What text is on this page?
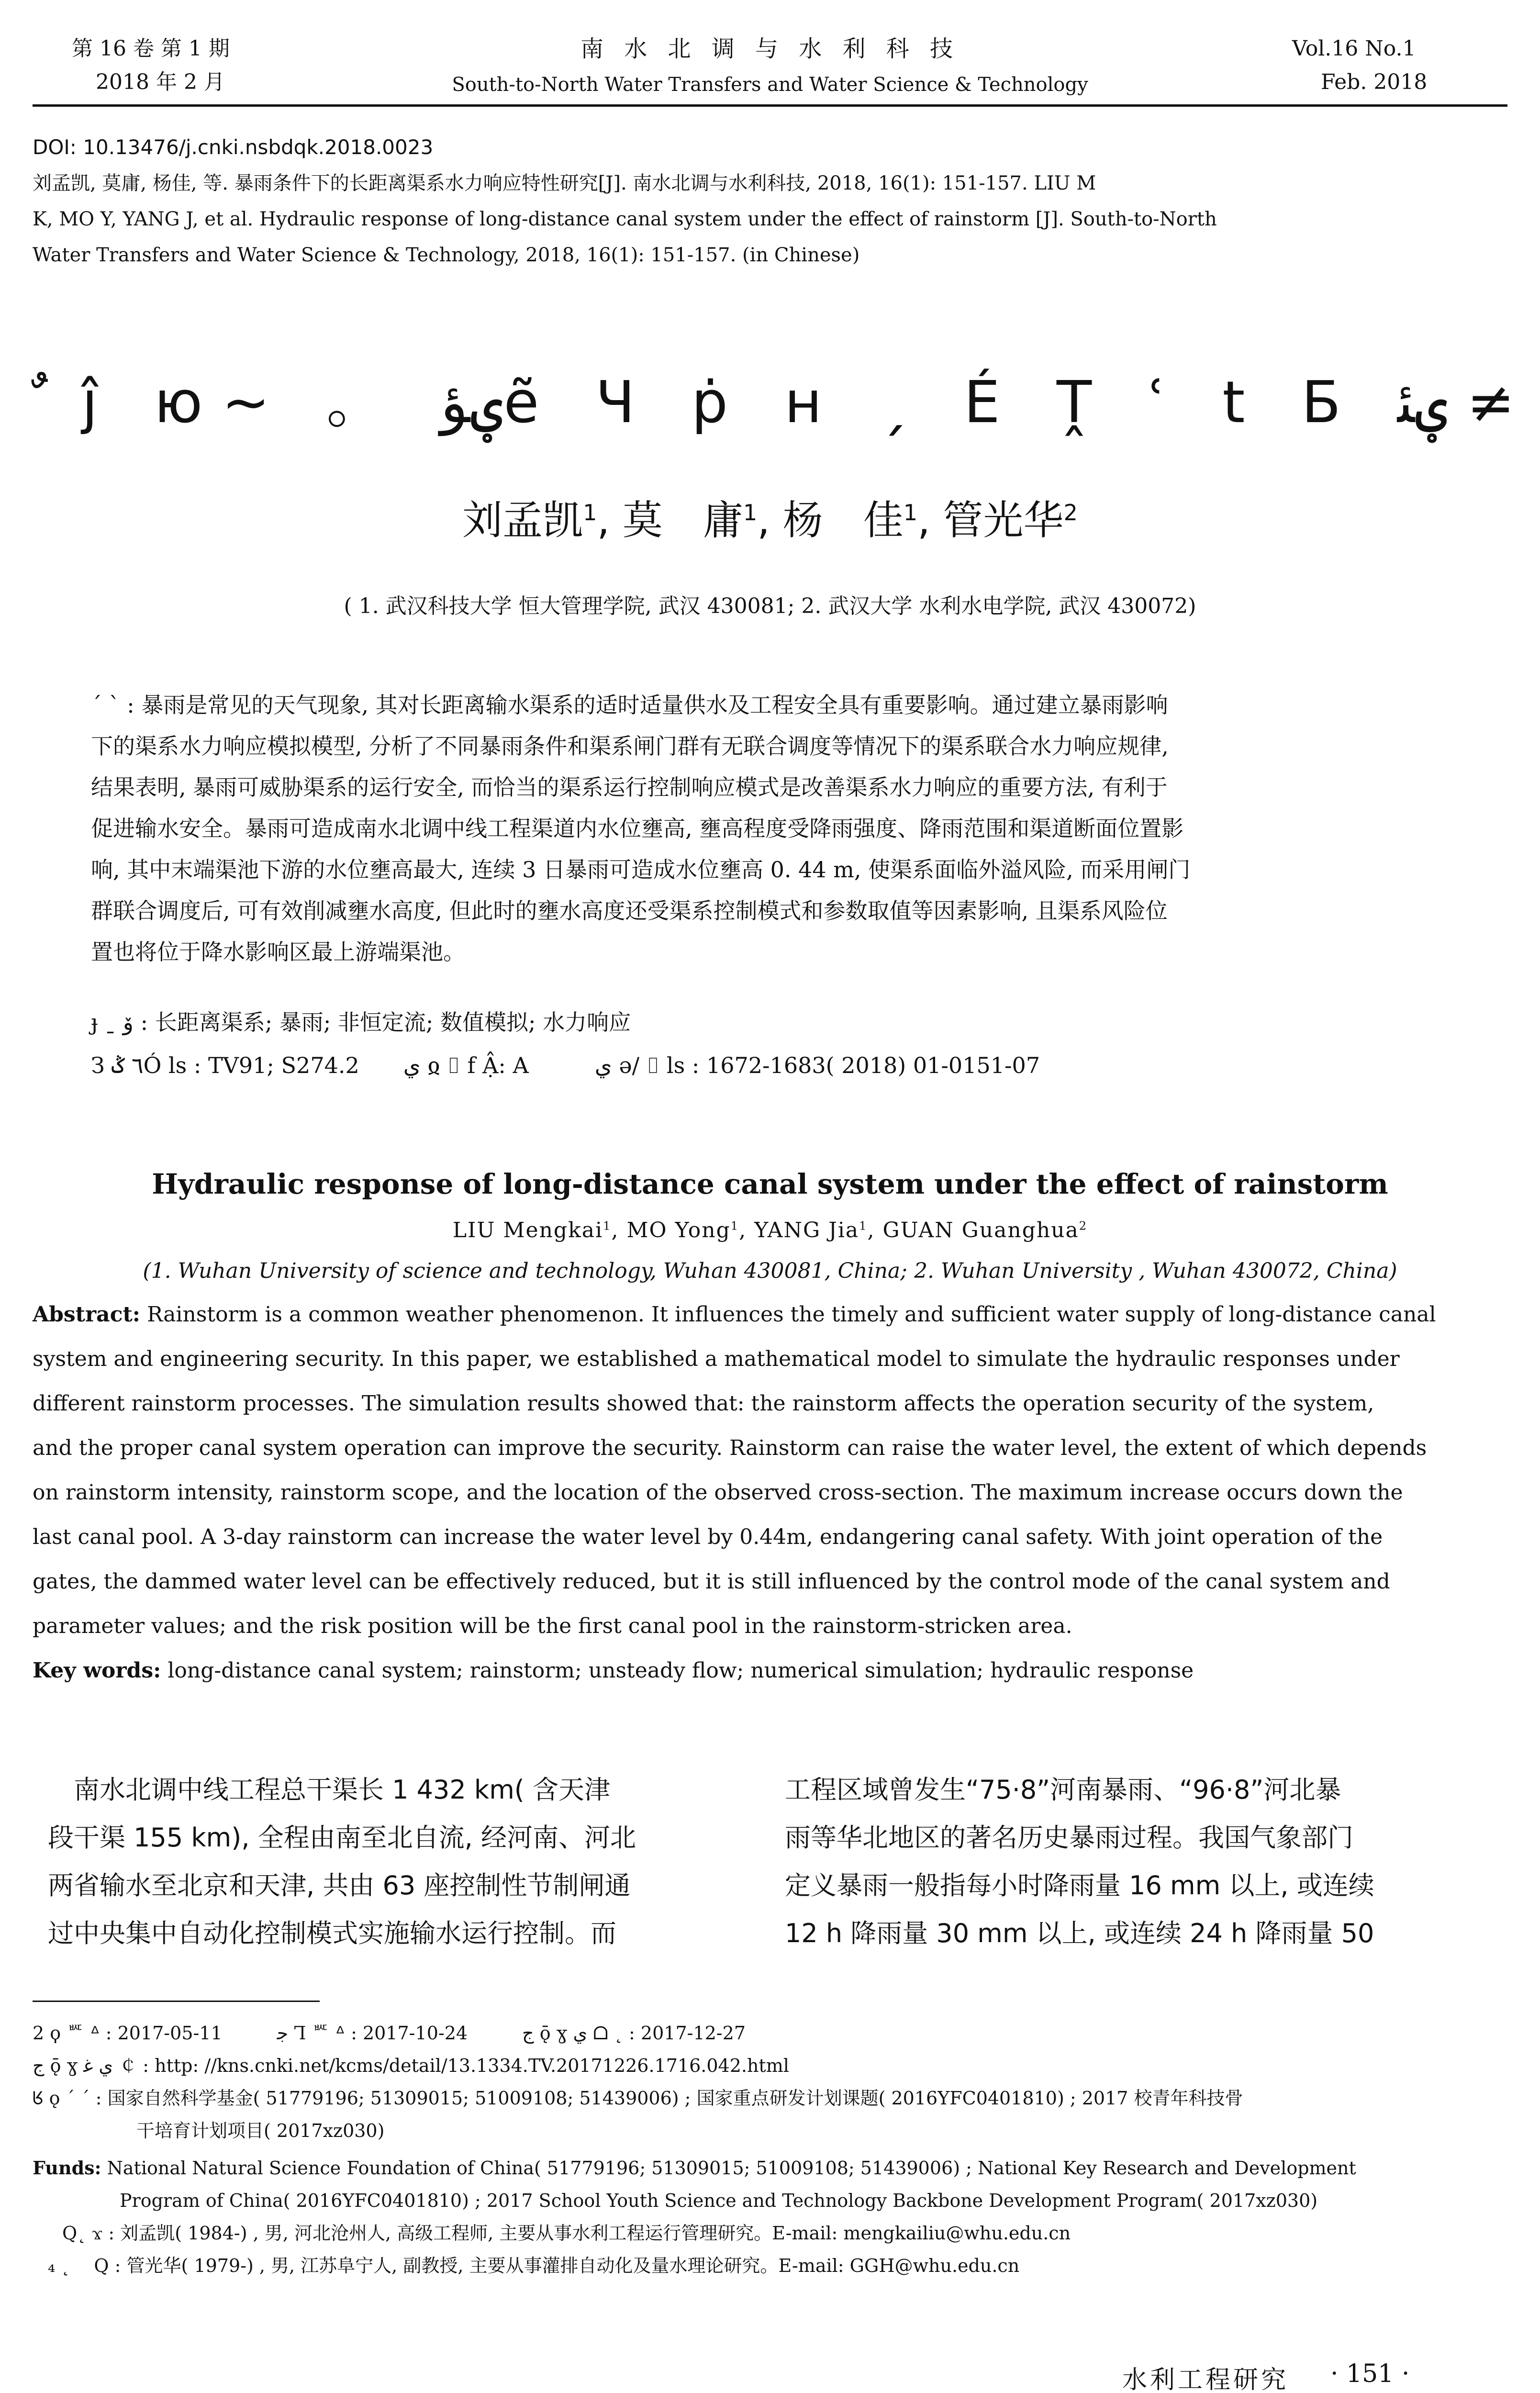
第 16 卷 第 1 期
2018 年 2 月
南 水 北 调 与 水 利 科 技
South-to-North Water Transfers and Water Science & Technology
Vol.16 No.1
Feb. 2018
DOI: 10.13476/j.cnki.nsbdqk.2018.0023
刘孟凯, 莫庸, 杨佳, 等. 暴雨条件下的长距离渠系水力响应特性研究[J]. 南水北调与水利科技, 2018, 16(1): 151-157. LIU M
K, MO Y, YANG J, et al. Hydraulic response of long-distance canal system under the effect of rainstorm [J]. South-to-North
Water Transfers and Water Science & Technology, 2018, 16(1): 151-157. (in Chinese)
ٌ ĵ ю~ 。 ؠﺆẽ Ч ṗ н ˏ É Ṱ ʿ t Б ؠﺌ ≠
刘孟凯$^1$, 莫　庸$^1$, 杨　佳$^1$, 管光华$^2$
( 1. 武汉科技大学 恒大管理学院, 武汉 430081; 2. 武汉大学 水利水电学院, 武汉 430072)

ˊ ˋ : 暴雨是常见的天气现象, 其对长距离输水渠系的适时适量供水及工程安全具有重要影响。通过建立暴雨影响

下的渠系水力响应模拟模型, 分析了不同暴雨条件和渠系闸门群有无联合调度等情况下的渠系联合水力响应规律,

结果表明, 暴雨可威胁渠系的运行安全, 而恰当的渠系运行控制响应模式是改善渠系水力响应的重要方法, 有利于

促进输水安全。暴雨可造成南水北调中线工程渠道内水位壅高, 壅高程度受降雨强度、降雨范围和渠道断面位置影

响, 其中末端渠池下游的水位壅高最大, 连续 3 日暴雨可造成水位壅高 0. 44 m, 使渠系面临外溢风险, 而采用闸门

群联合调度后, 可有效削减壅水高度, 但此时的壅水高度还受渠系控制模式和参数取值等因素影响, 且渠系风险位

置也将位于降水影响区最上游端渠池。

ɟ ˍ ۆ : 长距离渠系; 暴雨; 非恒定流; 数值模拟; 水力响应
З ٦ ݣÓ ls : TV91; S274.2　　ي ჲ ⌷ f Ậ: A　　　ي ǝ/ ⌷ ls : 1672-1683( 2018) 01-0151-07
Hydraulic response of long-distance canal system under the effect of rainstorm
LIU Mengkai$^1$, MO Yong$^1$, YANG Jia$^1$, GUAN Guanghua$^2$
(1. Wuhan University of science and technology, Wuhan 430081, China; 2. Wuhan University , Wuhan 430072, China)

Abstract: Rainstorm is a common weather phenomenon. It influences the timely and sufficient water supply of long-distance canal

system and engineering security. In this paper, we established a mathematical model to simulate the hydraulic responses under

different rainstorm processes. The simulation results showed that: the rainstorm affects the operation security of the system,

and the proper canal system operation can improve the security. Rainstorm can raise the water level, the extent of which depends

on rainstorm intensity, rainstorm scope, and the location of the observed cross-section. The maximum increase occurs down the

last canal pool. A 3-day rainstorm can increase the water level by 0.44m, endangering canal safety. With joint operation of the

gates, the dammed water level can be effectively reduced, but it is still influenced by the control mode of the canal system and

parameter values; and the risk position will be the first canal pool in the rainstorm-stricken area.

Key words: long-distance canal system; rainstorm; unsteady flow; numerical simulation; hydraulic response

　南水北调中线工程总干渠长 1 432 km( 含天津

段干渠 155 km), 全程由南至北自流, 经河南、河北

两省输水至北京和天津, 共由 63 座控制性节制闸通

过中央集中自动化控制模式实施输水运行控制。而

工程区域曾发生“75·8”河南暴雨、“96·8”河北暴

雨等华北地区的著名历史暴雨过程。我国气象部门

定义暴雨一般指每小时降雨量 16 mm 以上, 或连续

12 h 降雨量 30 mm 以上, 或连续 24 h 降雨量 50

2 ϙ ᄣ ᐞ : 2017-05-11　　　ﺟ Ꞁ ᄣ ᐞ : 2017-10-24　　　ج ǭ ɣ ي ᗝ ˛ : 2017-12-27
ج ǭ ɣ ي ﻏ ￠ : http: //kns.cnki.net/kcms/detail/13.1334.TV.20171226.1716.042.html
ᖉ ǫ ˊ ˊ : 国家自然科学基金( 51779196; 51309015; 51009108; 51439006) ; 国家重点研发计划课题( 2016YFC0401810) ; 2017 校青年科技骨
干培育计划项目( 2017xz030)
Funds: National Natural Science Foundation of China( 51779196; 51309015; 51009108; 51439006) ; National Key Research and Development
Program of China( 2016YFC0401810) ; 2017 School Youth Science and Technology Backbone Development Program( 2017xz030)
Q˛ ϫ : 刘孟凯( 1984-) , 男, 河北沧州人, 高级工程师, 主要从事水利工程运行管理研究。E-mail: mengkailiu@whu.edu.cn
₄ ˛ 　Q : 管光华( 1979-) , 男, 江苏阜宁人, 副教授, 主要从事灌排自动化及量水理论研究。E-mail: GGH@whu.edu.cn
水利工程研究 · 151 ·
